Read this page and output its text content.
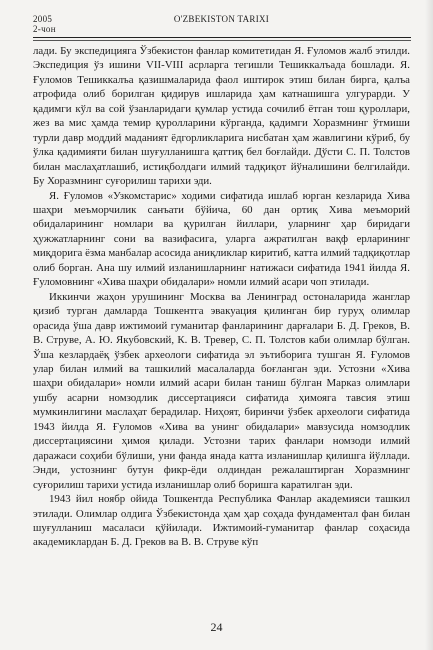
2005
2-чон
O'ZBEKISTON TARIXI

лади. Бу экспедицияга Ўзбекистон фанлар комитетидан Я. Ғуломов жалб этилди. Экспедиция ўз ишини VII-VIII асрларга тегишли Тешиккалъада бошлади. Я. Ғуломов Тешиккалъа қазишмаларида фаол иштирок этиш билан бирга, қалъа атрофида олиб борилган қидирув ишларида ҳам катнашишга улгурарди. У қадимги кўл ва сой ўзанларидаги қумлар устида сочилиб ётган тош қуроллари, жез ва мис ҳамда темир қуролларини кўрганда, қадимги Хоразмнинг ўтмиши турли давр моддий маданият ёдгорликларига нисбатан ҳам жавлигини кўриб, бу ўлка қадимияти билан шуғулланишга қаттиқ бел боғлайди. Дўсти С. П. Толстов билан маслаҳатлашиб, истиқболдаги илмий тадқиқот йўналишини белгилайди. Бу Хоразмнинг суғорилиш тарихи эди.

Я. Ғуломов «Узкомстарис» ходими сифатида ишлаб юрган кезларида Хива шаҳри меъморчилик санъати бўйича, 60 дан ортиқ Хива меъморий обидаларининг номлари ва қурилган йиллари, уларнинг ҳар биридаги ҳужжатларнинг сони ва вазифасига, уларга ажратилган вақф ерларининг миқдорига ёзма манбалар асосида аниқликлар киритиб, катта илмий тадқиқотлар олиб борган. Ана шу илмий изланишларнинг натижаси сифатида 1941 йилда Я. Ғуломовнинг «Хива шаҳри обидалари» номли илмий асари чоп этилади.

Иккинчи жаҳон урушининг Москва ва Ленинград остоналарида жанглар қизиб турган дамларда Тошкентга эвакуация қилинган бир гуруҳ олимлар орасида ўша давр ижтимоий гуманитар фанларининг дарғалари Б. Д. Греков, В. В. Струве, А. Ю. Якубовский, К. В. Тревер, С. П. Толстов каби олимлар бўлган. Ўша кезлардаёқ ўзбек археологи сифатида эл эътиборига тушган Я. Ғуломов улар билан илмий ва ташкилий масалаларда боғланган эди. Устозни «Хива шаҳри обидалари» номли илмий асари билан таниш бўлган Марказ олимлари ушбу асарни номзодлик диссертацияси сифатида ҳимояга тавсия этиш мумкинлигини маслаҳат берадилар. Ниҳоят, биринчи ўзбек археологи сифатида 1943 йилда Я. Ғуломов «Хива ва унинг обидалари» мавзусида номзодлик диссертациясини ҳимоя қилади. Устозни тарих фанлари номзоди илмий даражаси соҳиби бўлиши, уни фанда янада катта изланишлар қилишга йўллади. Энди, устознинг бутун фикр-ёди олдиндан режалаштирган Хоразмнинг суғорилиш тарихи устида изланишлар олиб боришга каратилган эди.

1943 йил ноябр ойида Тошкентда Республика Фанлар академияси ташкил этилади. Олимлар олдига Ўзбекистонда ҳам ҳар соҳада фундаментал фан билан шуғулланиш масаласи қўйилади. Ижтимоий-гуманитар фанлар соҳасида академиклардан Б. Д. Греков ва В. В. Струве кўп

24
